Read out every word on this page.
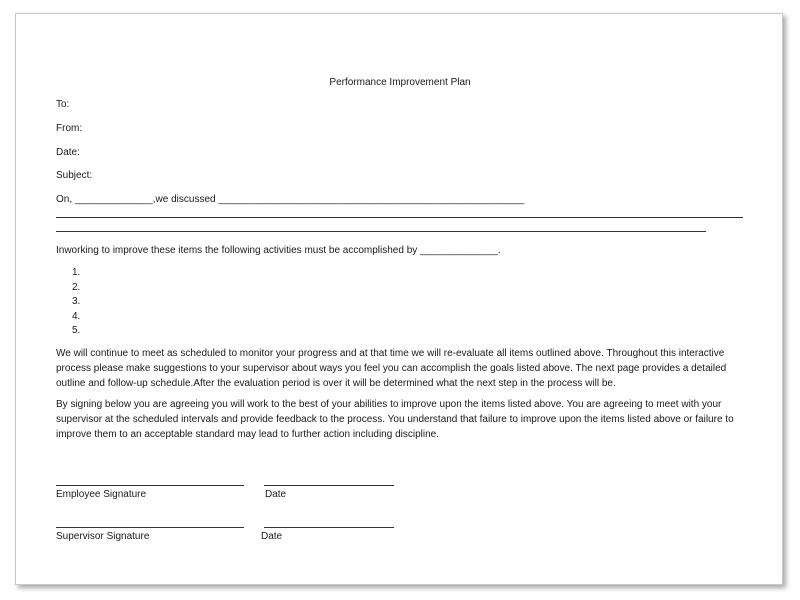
Performance Improvement Plan
To:
From:
Date:
Subject:
On, ______________,we discussed _______________________________________________________
Inworking to improve these items the following activities must be accomplished by ______________.
1.
2.
3.
4.
5.
We will continue to meet as scheduled to monitor your progress and at that time we will re-evaluate all items outlined above. Throughout this interactive process please make suggestions to your supervisor about ways you feel you can accomplish the goals listed above. The next page provides a detailed outline and follow-up schedule.After the evaluation period is over it will be determined what the next step in the process will be.
By signing below you are agreeing you will work to the best of your abilities to improve upon the items listed above. You are agreeing to meet with your supervisor at the scheduled intervals and provide feedback to the process. You understand that failure to improve upon the items listed above or failure to improve them to an acceptable standard may lead to further action including discipline.
Employee Signature	Date
Supervisor Signature	Date
